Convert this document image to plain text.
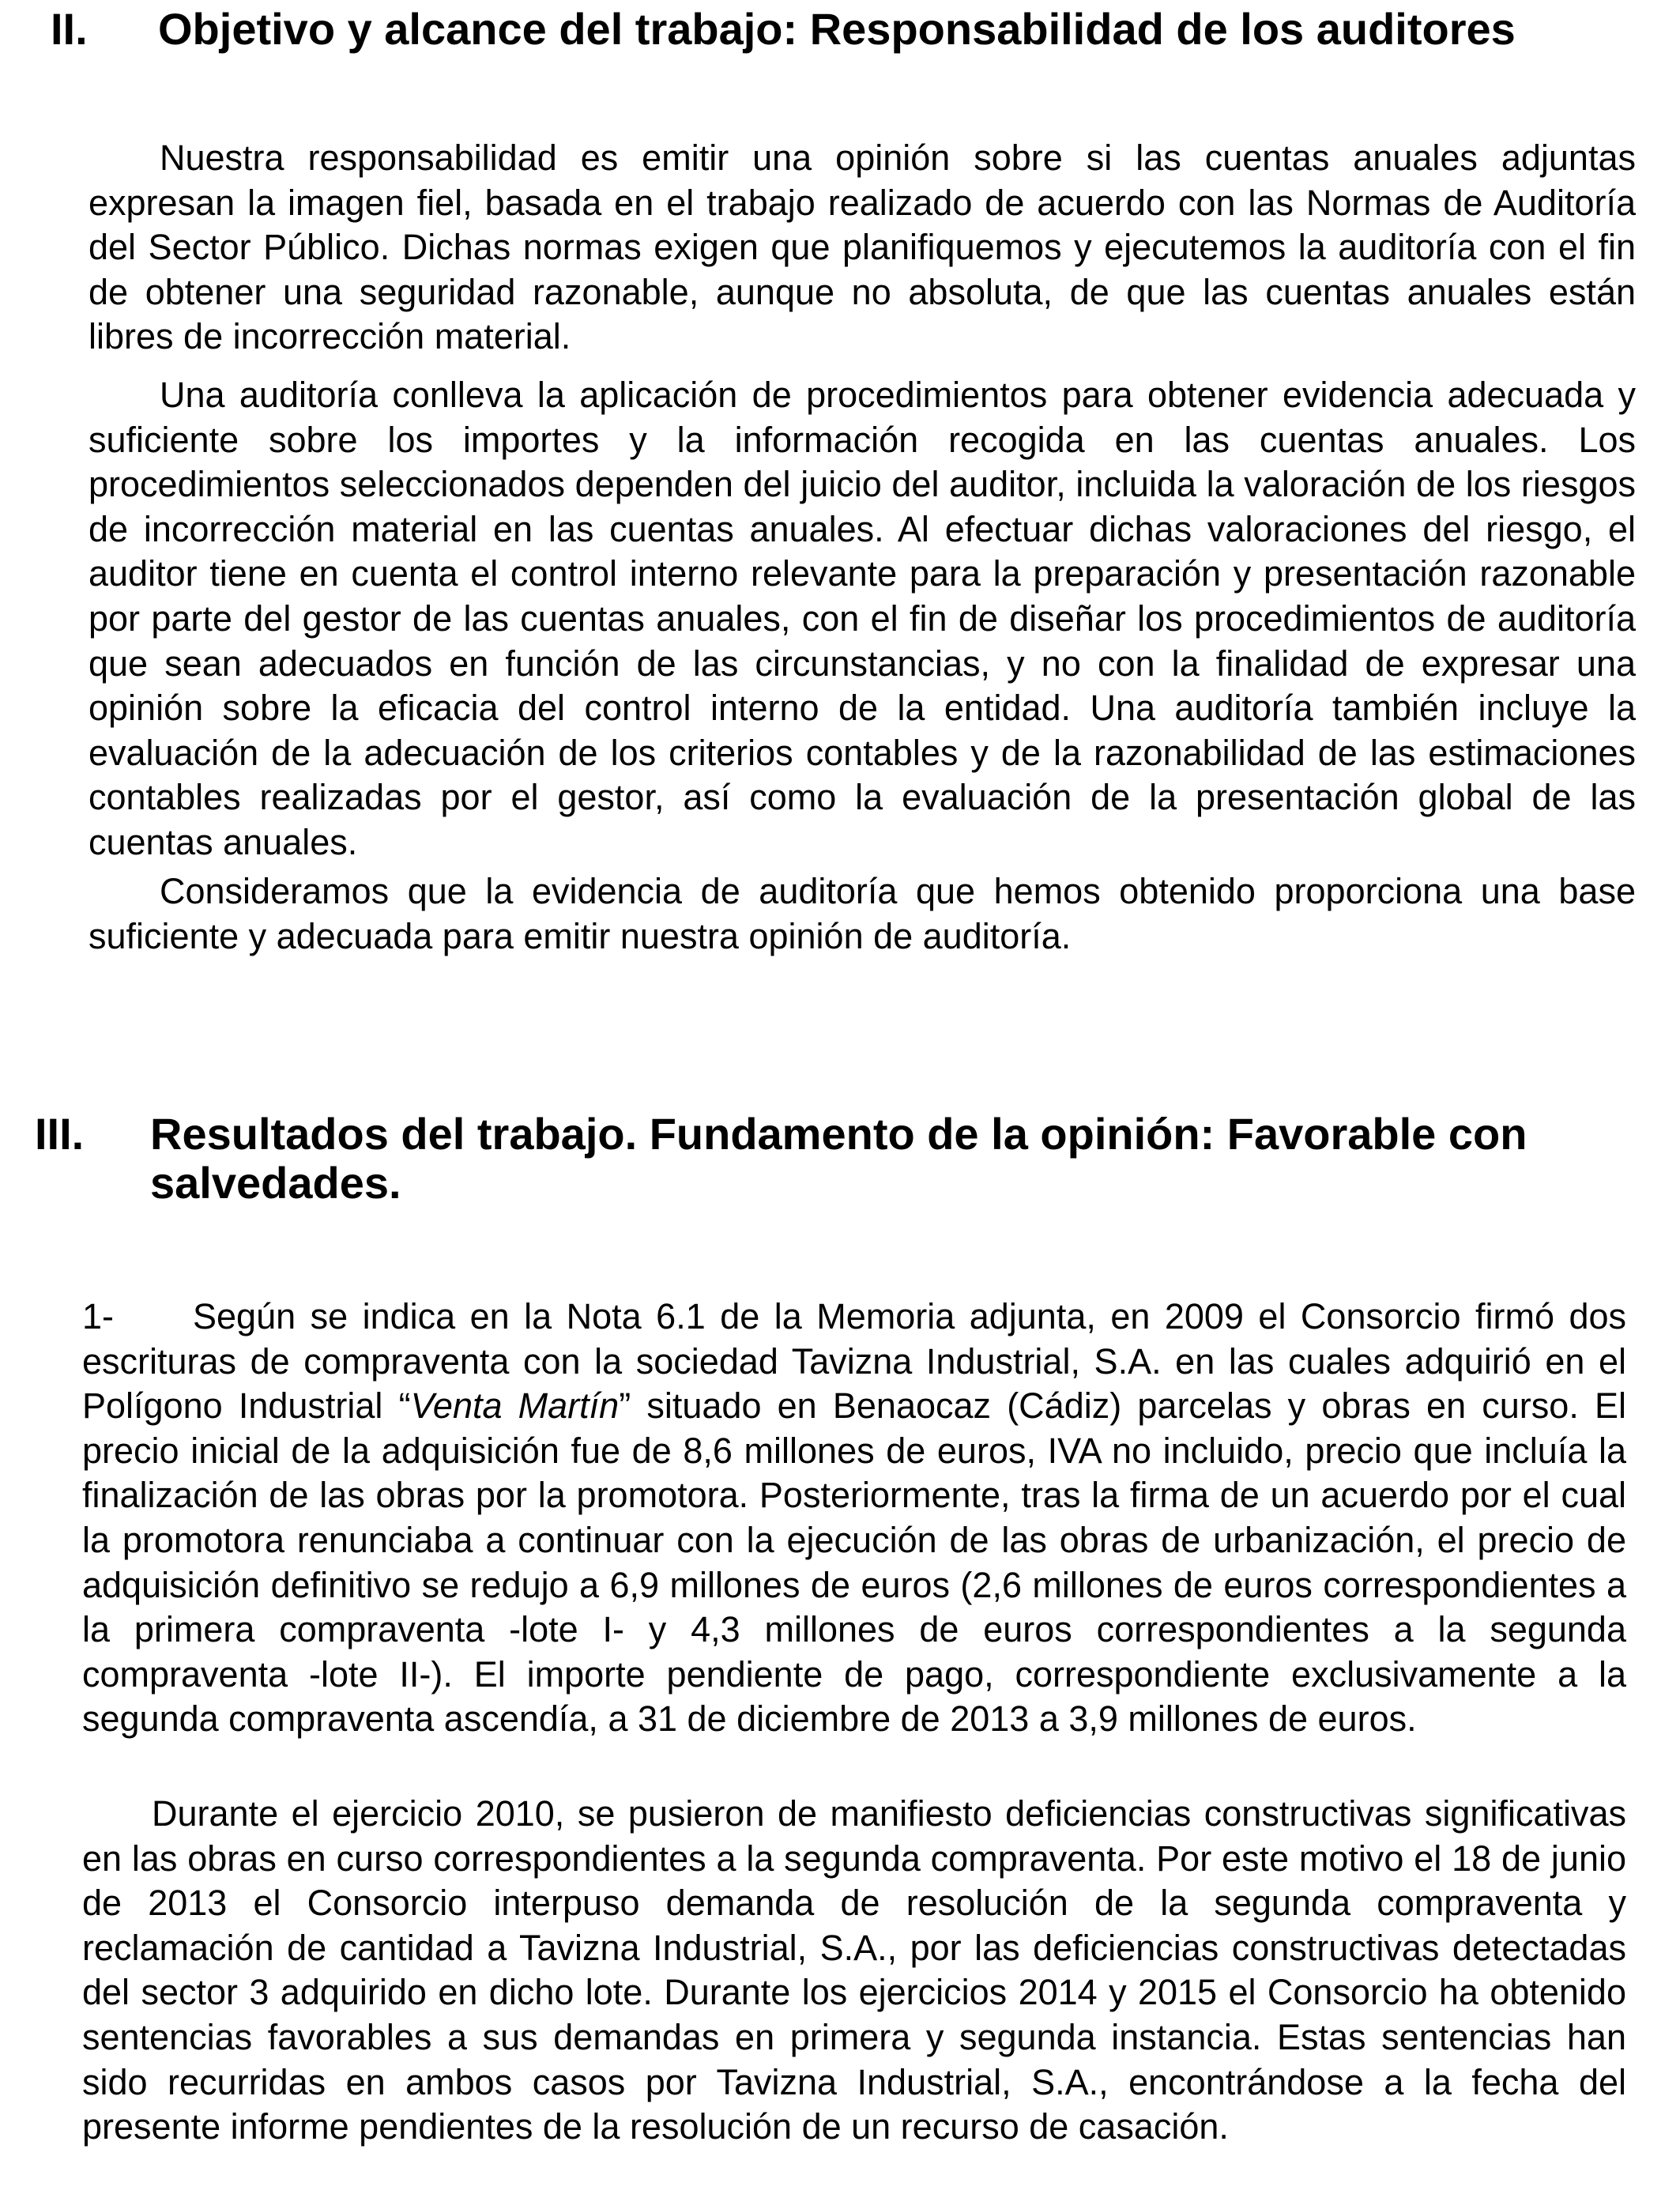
II. Objetivo y alcance del trabajo: Responsabilidad de los auditores

Nuestra responsabilidad es emitir una opinión sobre si las cuentas anuales adjuntas expresan la imagen fiel, basada en el trabajo realizado de acuerdo con las Normas de Auditoría del Sector Público. Dichas normas exigen que planifiquemos y ejecutemos la auditoría con el fin de obtener una seguridad razonable, aunque no absoluta, de que las cuentas anuales están libres de incorrección material.

Una auditoría conlleva la aplicación de procedimientos para obtener evidencia adecuada y suficiente sobre los importes y la información recogida en las cuentas anuales. Los procedimientos seleccionados dependen del juicio del auditor, incluida la valoración de los riesgos de incorrección material en las cuentas anuales. Al efectuar dichas valoraciones del riesgo, el auditor tiene en cuenta el control interno relevante para la preparación y presentación razonable por parte del gestor de las cuentas anuales, con el fin de diseñar los procedimientos de auditoría que sean adecuados en función de las circunstancias, y no con la finalidad de expresar una opinión sobre la eficacia del control interno de la entidad. Una auditoría también incluye la evaluación de la adecuación de los criterios contables y de la razonabilidad de las estimaciones contables realizadas por el gestor, así como la evaluación de la presentación global de las cuentas anuales.

Consideramos que la evidencia de auditoría que hemos obtenido proporciona una base suficiente y adecuada para emitir nuestra opinión de auditoría.

III. Resultados del trabajo. Fundamento de la opinión: Favorable con salvedades.

1- Según se indica en la Nota 6.1 de la Memoria adjunta, en 2009 el Consorcio firmó dos escrituras de compraventa con la sociedad Tavizna Industrial, S.A. en las cuales adquirió en el Polígono Industrial “Venta Martín” situado en Benaocaz (Cádiz) parcelas y obras en curso. El precio inicial de la adquisición fue de 8,6 millones de euros, IVA no incluido, precio que incluía la finalización de las obras por la promotora. Posteriormente, tras la firma de un acuerdo por el cual la promotora renunciaba a continuar con la ejecución de las obras de urbanización, el precio de adquisición definitivo se redujo a 6,9 millones de euros (2,6 millones de euros correspondientes a la primera compraventa -lote I- y 4,3 millones de euros correspondientes a la segunda compraventa -lote II-). El importe pendiente de pago, correspondiente exclusivamente a la segunda compraventa ascendía, a 31 de diciembre de 2013 a 3,9 millones de euros.

Durante el ejercicio 2010, se pusieron de manifiesto deficiencias constructivas significativas en las obras en curso correspondientes a la segunda compraventa. Por este motivo el 18 de junio de 2013 el Consorcio interpuso demanda de resolución de la segunda compraventa y reclamación de cantidad a Tavizna Industrial, S.A., por las deficiencias constructivas detectadas del sector 3 adquirido en dicho lote. Durante los ejercicios 2014 y 2015 el Consorcio ha obtenido sentencias favorables a sus demandas en primera y segunda instancia. Estas sentencias han sido recurridas en ambos casos por Tavizna Industrial, S.A., encontrándose a la fecha del presente informe pendientes de la resolución de un recurso de casación.
